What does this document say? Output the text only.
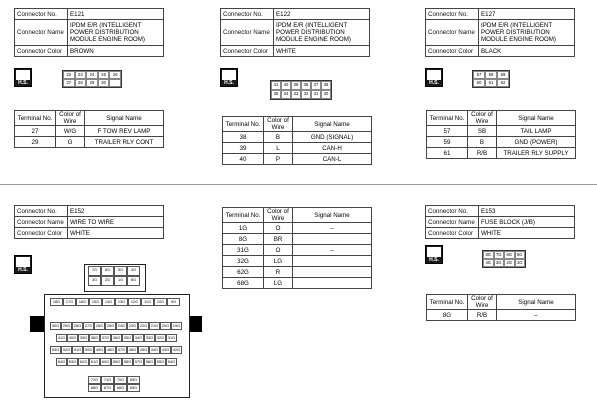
Connector No.	E121
Connector Name	IPDM E/R (INTELLIGENT POWER DISTRIBUTION MODULE ENGINE ROOM)
Connector Color	BROWN
H.S.
22	23	24	25	26
27	28	29	30
Terminal No.	Color of Wire	Signal Name
27	W/G	F TOW REV LAMP
29	G	TRAILER RLY CONT
Connector No.	E122
Connector Name	IPDM E/R (INTELLIGENT POWER DISTRIBUTION MODULE ENGINE ROOM)
Connector Color	WHITE
H.S.	41	40	39	38	37	36
35	34	33	32	31	30
Terminal No.	Color of Wire	Signal Name
38	B	GND (SIGNAL)
39	L	CAN-H
40	P	CAN-L
Connector No.	E127
Connector Name	IPDM E/R (INTELLIGENT POWER DISTRIBUTION MODULE ENGINE ROOM)
Connector Color	BLACK
H.S.
57	58	59
60	61	62
Terminal No.	Color of Wire	Signal Name
57	SB	TAIL LAMP
59	B	GND (POWER)
61	R/B	TRAILER RLY SUPPLY
Connector No.	E152
Connector Name	WIRE TO WIRE
Connector Color	WHITE
H.S.	7G	6G	5G	4G
3G	2G	1G	8G
18G	17G	16G	15G	14G	13G	12G	11G	10G	9G
30G	29G	28G	27G	26G	25G	24G	23G	22G	21G	20G	19G
41G	40G	39G	38G	37G	36G	35G	34G	33G	32G	31G
53G	52G	51G	50G	49G	48G	47G	46G	45G	44G	43G	42G
64G	63G	62G	61G	60G	59G	58G	57G	56G	55G	54G
72G	71G	70G	69G
68G	67G	66G	65G
Terminal No.	Color of Wire	Signal Name
1G	O	–
8G	BR	
31G	O	–
32G	LG	
62G	R	
68G	LG	
Connector No.	E153
Connector Name	FUSE BLOCK (J/B)
Connector Color	WHITE
H.S.
8G	7G	6G	5G
4G	3G	2G	1G
Terminal No.	Color of Wire	Signal Name
8G	R/B	–
